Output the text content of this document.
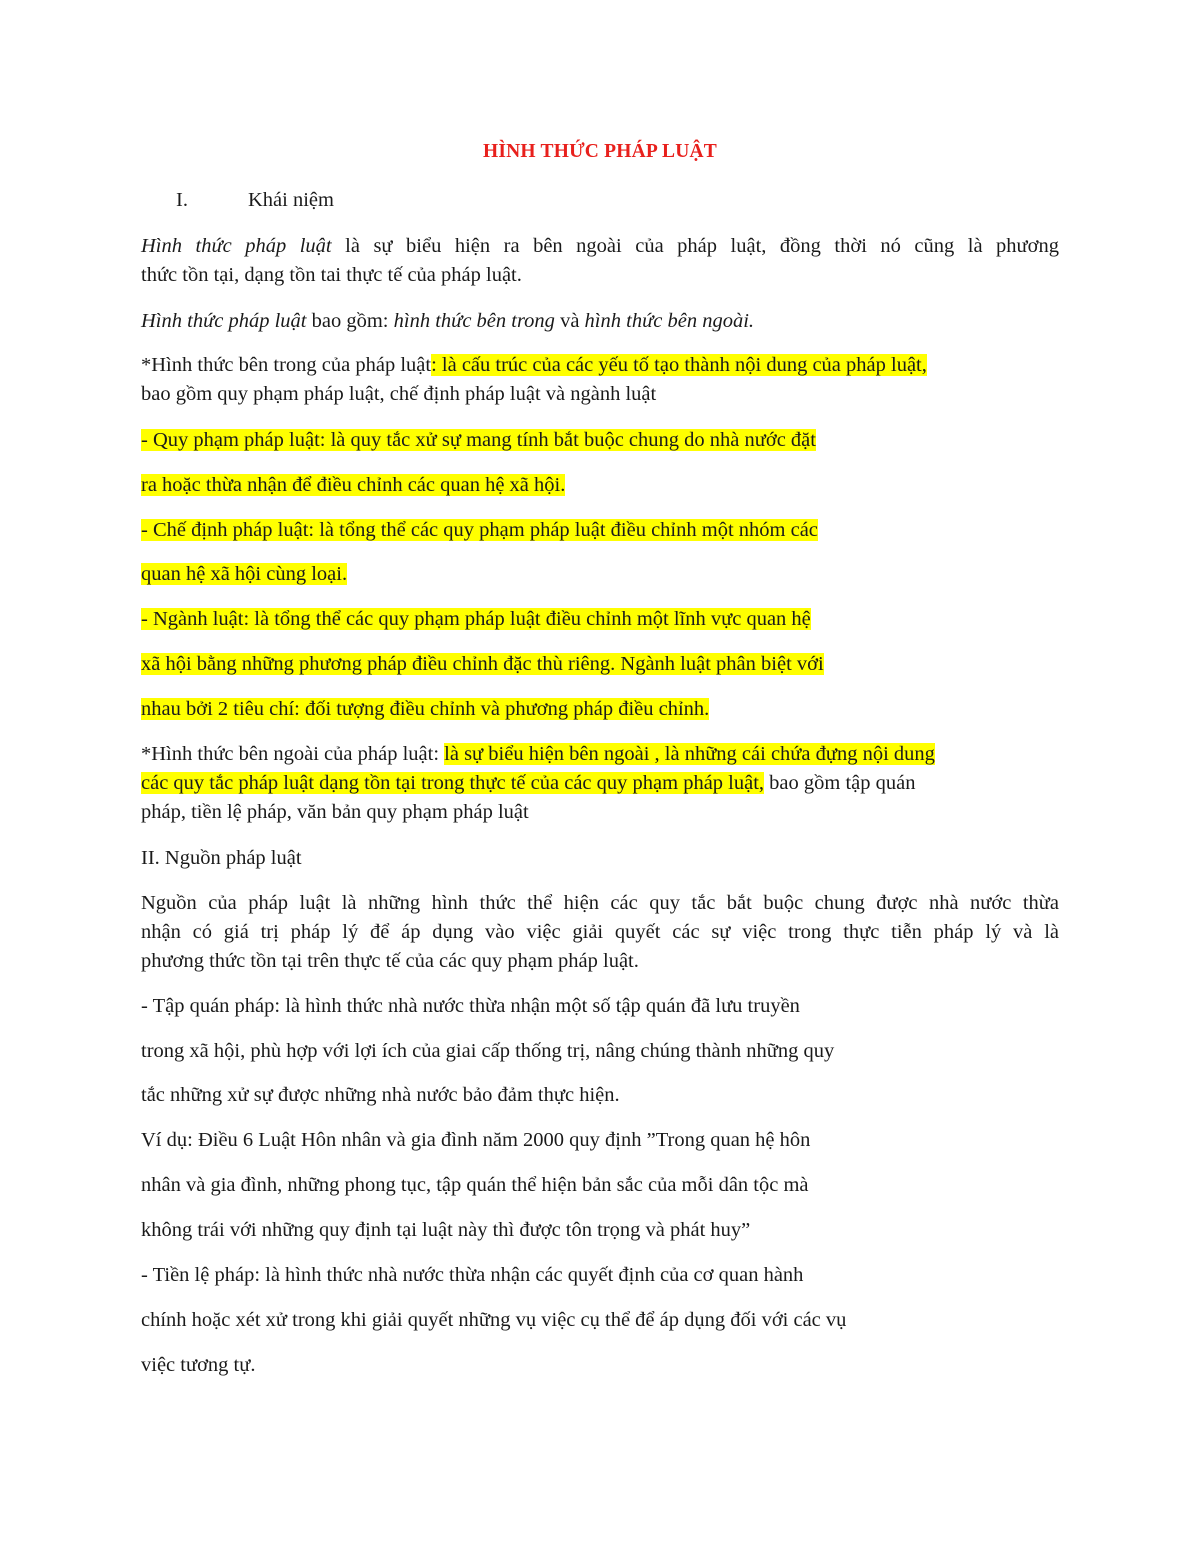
HÌNH THỨC PHÁP LUẬT
I.	Khái niệm
Hình thức pháp luật là sự biểu hiện ra bên ngoài của pháp luật, đồng thời nó cũng là phương
thức tồn tại, dạng tồn tai thực tế của pháp luật.
Hình thức pháp luật bao gồm: hình thức bên trong và hình thức bên ngoài.
*Hình thức bên trong của pháp luật: là cấu trúc của các yếu tố tạo thành nội dung của pháp luật,
bao gồm quy phạm pháp luật, chế định pháp luật và ngành luật
- Quy phạm pháp luật: là quy tắc xử sự mang tính bắt buộc chung do nhà nước đặt
ra hoặc thừa nhận để điều chỉnh các quan hệ xã hội.
- Chế định pháp luật: là tổng thể các quy phạm pháp luật điều chỉnh một nhóm các
quan hệ xã hội cùng loại.
- Ngành luật: là tổng thể các quy phạm pháp luật điều chỉnh một lĩnh vực quan hệ
xã hội bằng những phương pháp điều chỉnh đặc thù riêng. Ngành luật phân biệt với
nhau bởi 2 tiêu chí: đối tượng điều chỉnh và phương pháp điều chỉnh.
*Hình thức bên ngoài của pháp luật: là sự biểu hiện bên ngoài , là những cái chứa đựng nội dung
các quy tắc pháp luật dạng tồn tại trong thực tế của các quy phạm pháp luật, bao gồm tập quán
pháp, tiền lệ pháp, văn bản quy phạm pháp luật
II. Nguồn pháp luật
Nguồn của pháp luật là những hình thức thể hiện các quy tắc bắt buộc chung được nhà nước thừa
nhận có giá trị pháp lý để áp dụng vào việc giải quyết các sự việc trong thực tiễn pháp lý và là
phương thức tồn tại trên thực tế của các quy phạm pháp luật.
- Tập quán pháp: là hình thức nhà nước thừa nhận một số tập quán đã lưu truyền
trong xã hội, phù hợp với lợi ích của giai cấp thống trị, nâng chúng thành những quy
tắc những xử sự được những nhà nước bảo đảm thực hiện.
Ví dụ: Điều 6 Luật Hôn nhân và gia đình năm 2000 quy định ”Trong quan hệ hôn
nhân và gia đình, những phong tục, tập quán thể hiện bản sắc của mỗi dân tộc mà
không trái với những quy định tại luật này thì được tôn trọng và phát huy”
- Tiền lệ pháp: là hình thức nhà nước thừa nhận các quyết định của cơ quan hành
chính hoặc xét xử trong khi giải quyết những vụ việc cụ thể để áp dụng đối với các vụ
việc tương tự.
